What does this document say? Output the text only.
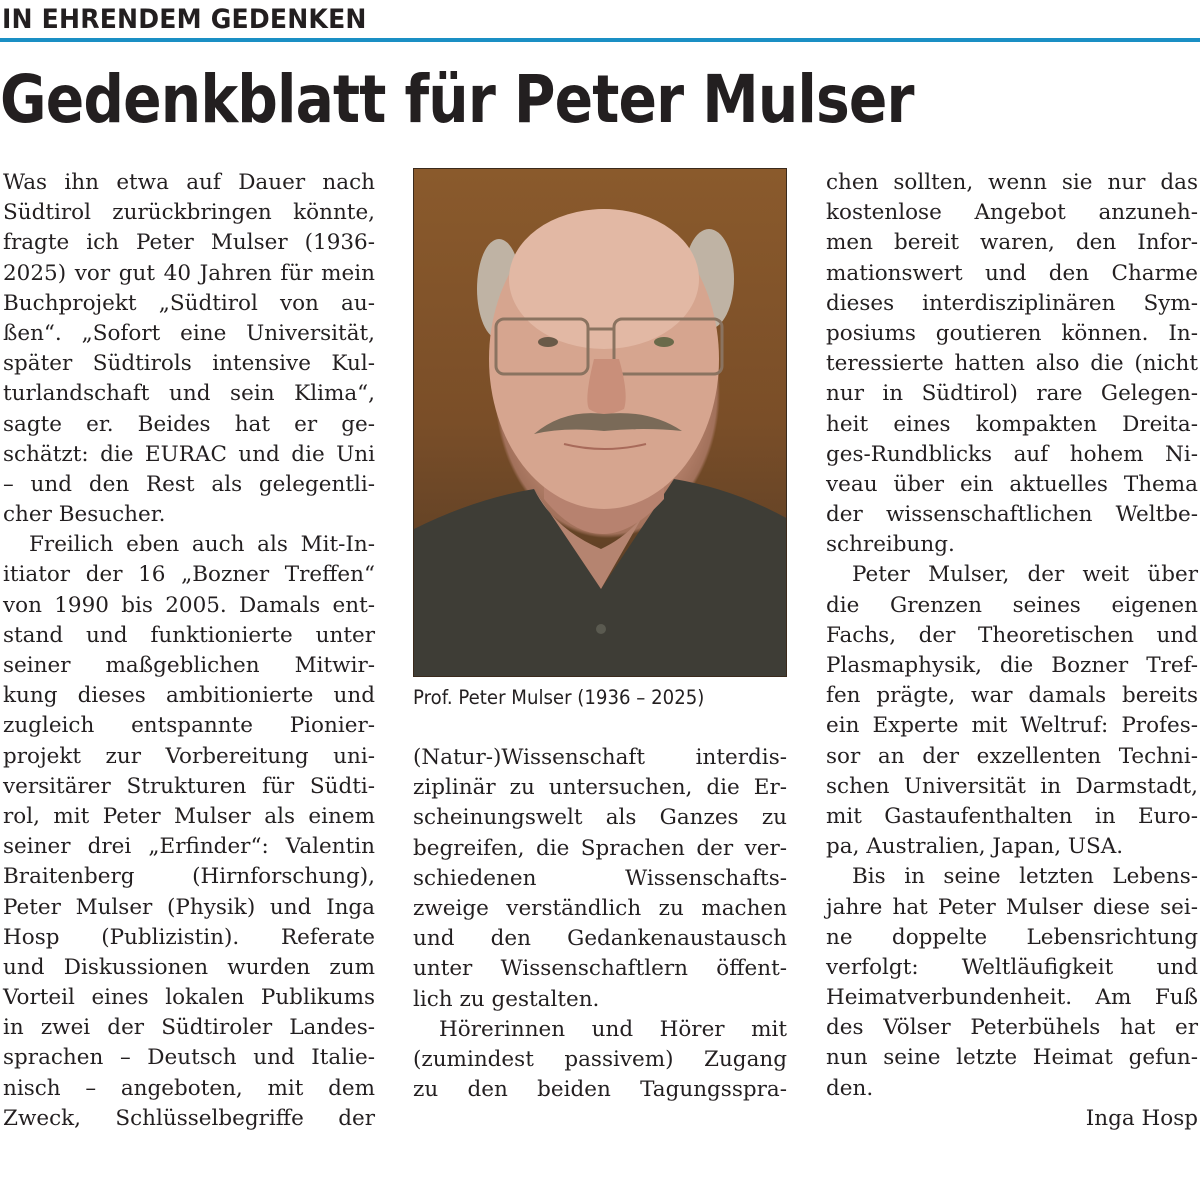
IN EHRENDEM GEDENKEN
Gedenkblatt für Peter Mulser
Was ihn etwa auf Dauer nach
Südtirol zurückbringen könnte,
fragte ich Peter Mulser (1936-
2025) vor gut 40 Jahren für mein
Buchprojekt „Südtirol von au-
ßen“. „Sofort eine Universität,
später Südtirols intensive Kul-
turlandschaft und sein Klima“,
sagte er. Beides hat er ge-
schätzt: die EURAC und die Uni
– und den Rest als gelegentli-
cher Besucher.
Freilich eben auch als Mit-In-
itiator der 16 „Bozner Treffen“
von 1990 bis 2005. Damals ent-
stand und funktionierte unter
seiner maßgeblichen Mitwir-
kung dieses ambitionierte und
zugleich entspannte Pionier-
projekt zur Vorbereitung uni-
versitärer Strukturen für Südti-
rol, mit Peter Mulser als einem
seiner drei „Erfinder“: Valentin
Braitenberg (Hirnforschung),
Peter Mulser (Physik) und Inga
Hosp (Publizistin). Referate
und Diskussionen wurden zum
Vorteil eines lokalen Publikums
in zwei der Südtiroler Landes-
sprachen – Deutsch und Italie-
nisch – angeboten, mit dem
Zweck, Schlüsselbegriffe der
Prof. Peter Mulser (1936 – 2025)
(Natur-)Wissenschaft interdis-
ziplinär zu untersuchen, die Er-
scheinungswelt als Ganzes zu
begreifen, die Sprachen der ver-
schiedenen Wissenschafts-
zweige verständlich zu machen
und den Gedankenaustausch
unter Wissenschaftlern öffent-
lich zu gestalten.
Hörerinnen und Hörer mit
(zumindest passivem) Zugang
zu den beiden Tagungsspra-
chen sollten, wenn sie nur das
kostenlose Angebot anzuneh-
men bereit waren, den Infor-
mationswert und den Charme
dieses interdisziplinären Sym-
posiums goutieren können. In-
teressierte hatten also die (nicht
nur in Südtirol) rare Gelegen-
heit eines kompakten Dreita-
ges-Rundblicks auf hohem Ni-
veau über ein aktuelles Thema
der wissenschaftlichen Weltbe-
schreibung.
Peter Mulser, der weit über
die Grenzen seines eigenen
Fachs, der Theoretischen und
Plasmaphysik, die Bozner Tref-
fen prägte, war damals bereits
ein Experte mit Weltruf: Profes-
sor an der exzellenten Techni-
schen Universität in Darmstadt,
mit Gastaufenthalten in Euro-
pa, Australien, Japan, USA.
Bis in seine letzten Lebens-
jahre hat Peter Mulser diese sei-
ne doppelte Lebensrichtung
verfolgt: Weltläufigkeit und
Heimatverbundenheit. Am Fuß
des Völser Peterbühels hat er
nun seine letzte Heimat gefun-
den.
Inga Hosp
